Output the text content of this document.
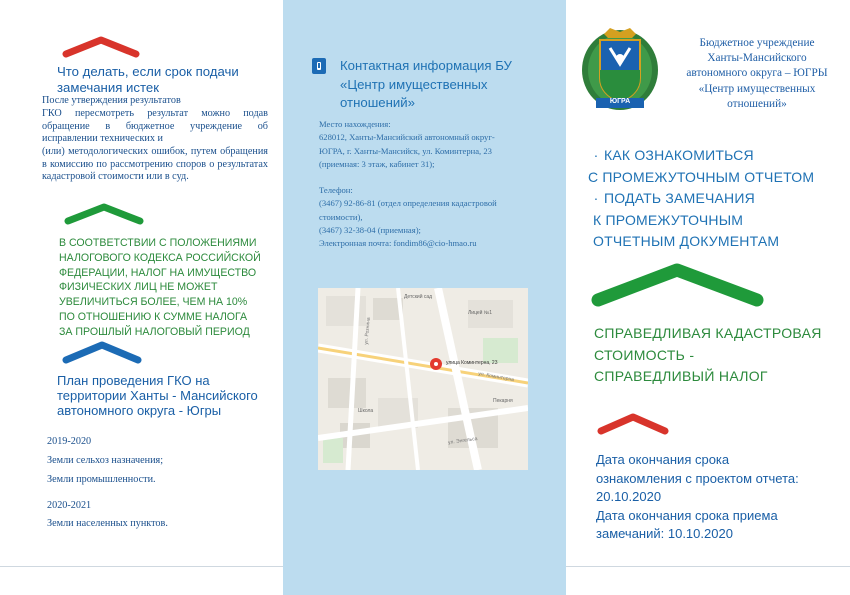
Что делать, если срок подачи замечания истек
После утверждения результатов
ГКО пересмотреть результат можно подав обращение в бюджетное учреждение об исправлении технических и
(или) методологических ошибок, путем обращения в комиссию по рассмотрению споров о результатах кадастровой стоимости или в суд.
В СООТВЕТСТВИИ С ПОЛОЖЕНИЯМИ
НАЛОГОВОГО КОДЕКСА РОССИЙСКОЙ
ФЕДЕРАЦИИ, НАЛОГ НА ИМУЩЕСТВО
ФИЗИЧЕСКИХ ЛИЦ НЕ МОЖЕТ
УВЕЛИЧИТЬСЯ БОЛЕЕ, ЧЕМ НА 10%
ПО ОТНОШЕНИЮ К СУММЕ НАЛОГА
ЗА ПРОШЛЫЙ НАЛОГОВЫЙ ПЕРИОД
План проведения ГКО на территории Ханты - Мансийского автономного округа - Югры
2019-2020
Земли сельхоз назначения;
Земли промышленности.
2020-2021
Земли населенных пунктов.
Контактная информация БУ «Центр имущественных отношений»
Место нахождения:
628012, Ханты-Мансийский автономный округ-
ЮГРА, г. Ханты-Мансийск, ул. Коминтерна, 23
(приемная: 3 этаж, кабинет 31);
Телефон:
(3467) 92-86-81 (отдел определения кадастровой
стоимости),
(3467) 32-38-04 (приемная);
Электронная почта: fondim86@cio-hmao.ru
улица Коминтерна, 23
ул. Коминтерна
ул. Энгельса
ул. Рознина
Детский сад
Лицей №1
Школа
Пекарня
ЮГРА
Бюджетное учреждение Ханты-Мансийского автономного округа – ЮГРЫ «Центр имущественных отношений»
· КАК ОЗНАКОМИТЬСЯ
С ПРОМЕЖУТОЧНЫМ ОТЧЕТОМ
· ПОДАТЬ ЗАМЕЧАНИЯ
К ПРОМЕЖУТОЧНЫМ
ОТЧЕТНЫМ ДОКУМЕНТАМ
СПРАВЕДЛИВАЯ КАДАСТРОВАЯ
СТОИМОСТЬ -
СПРАВЕДЛИВЫЙ НАЛОГ
Дата окончания срока
ознакомления с проектом отчета:
20.10.2020
Дата окончания срока приема
замечаний: 10.10.2020
